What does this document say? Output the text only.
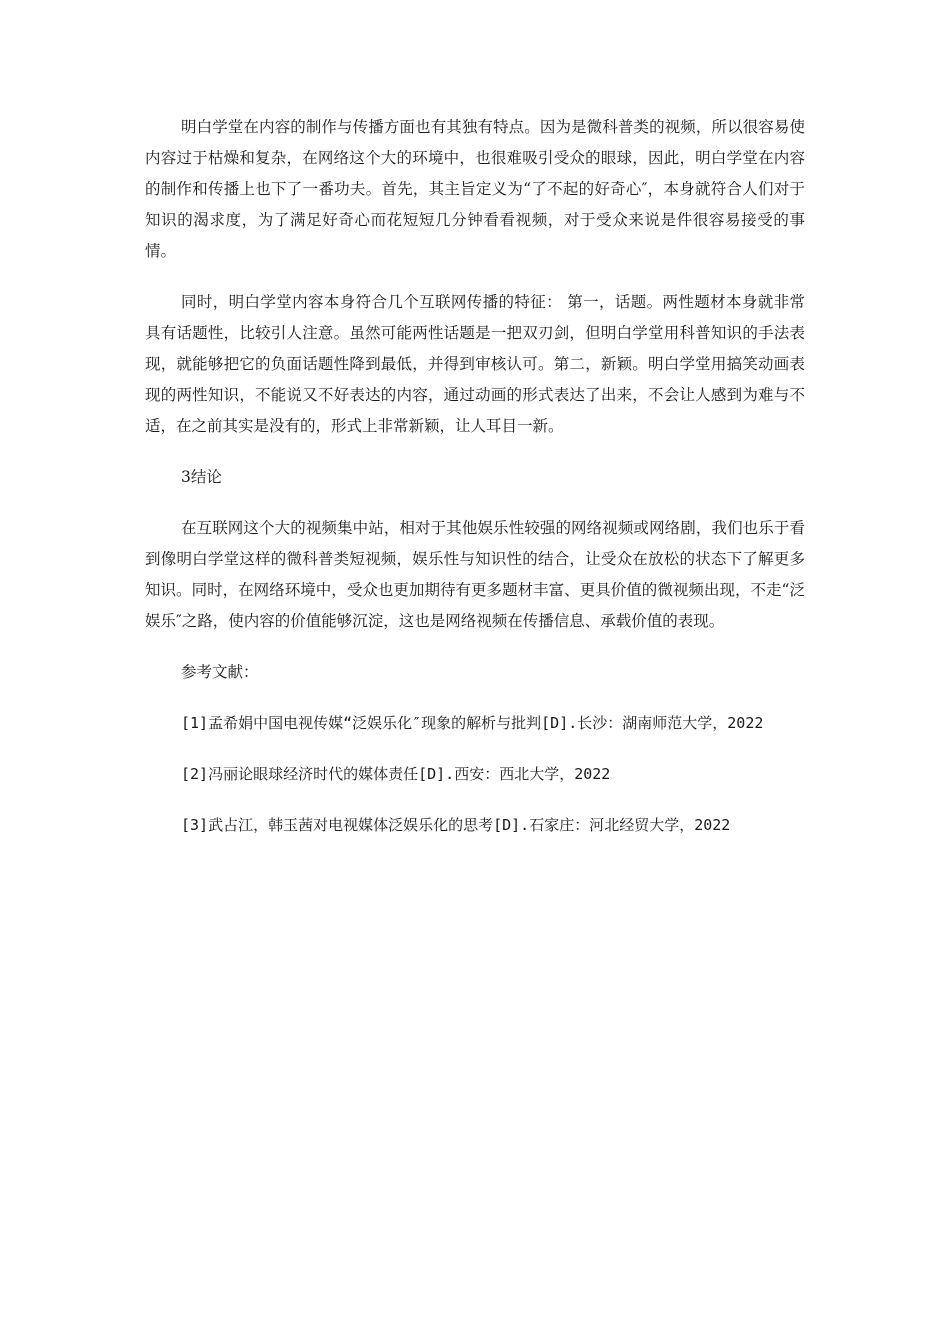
明白学堂在内容的制作与传播方面也有其独有特点。因为是微科普类的视频，所以很容易使内容过于枯燥和复杂，在网络这个大的环境中，也很难吸引受众的眼球，因此，明白学堂在内容的制作和传播上也下了一番功夫。首先，其主旨定义为“了不起的好奇心″，本身就符合人们对于知识的渴求度，为了满足好奇心而花短短几分钟看看视频，对于受众来说是件很容易接受的事情。

同时，明白学堂内容本身符合几个互联网传播的特征： 第一，话题。两性题材本身就非常具有话题性，比较引人注意。虽然可能两性话题是一把双刃剑，但明白学堂用科普知识的手法表现，就能够把它的负面话题性降到最低，并得到审核认可。第二，新颖。明白学堂用搞笑动画表现的两性知识，不能说又不好表达的内容，通过动画的形式表达了出来，不会让人感到为难与不适，在之前其实是没有的，形式上非常新颖，让人耳目一新。

3结论

在互联网这个大的视频集中站，相对于其他娱乐性较强的网络视频或网络剧，我们也乐于看到像明白学堂这样的微科普类短视频，娱乐性与知识性的结合，让受众在放松的状态下了解更多知识。同时，在网络环境中，受众也更加期待有更多题材丰富、更具价值的微视频出现，不走“泛娱乐″之路，使内容的价值能够沉淀，这也是网络视频在传播信息、承载价值的表现。

参考文献：

[1]孟希娟中国电视传媒“泛娱乐化″现象的解析与批判[D].长沙：湖南师范大学，2022

[2]冯丽论眼球经济时代的媒体责任[D].西安：西北大学，2022

[3]武占江，韩玉茜对电视媒体泛娱乐化的思考[D].石家庄：河北经贸大学，2022
